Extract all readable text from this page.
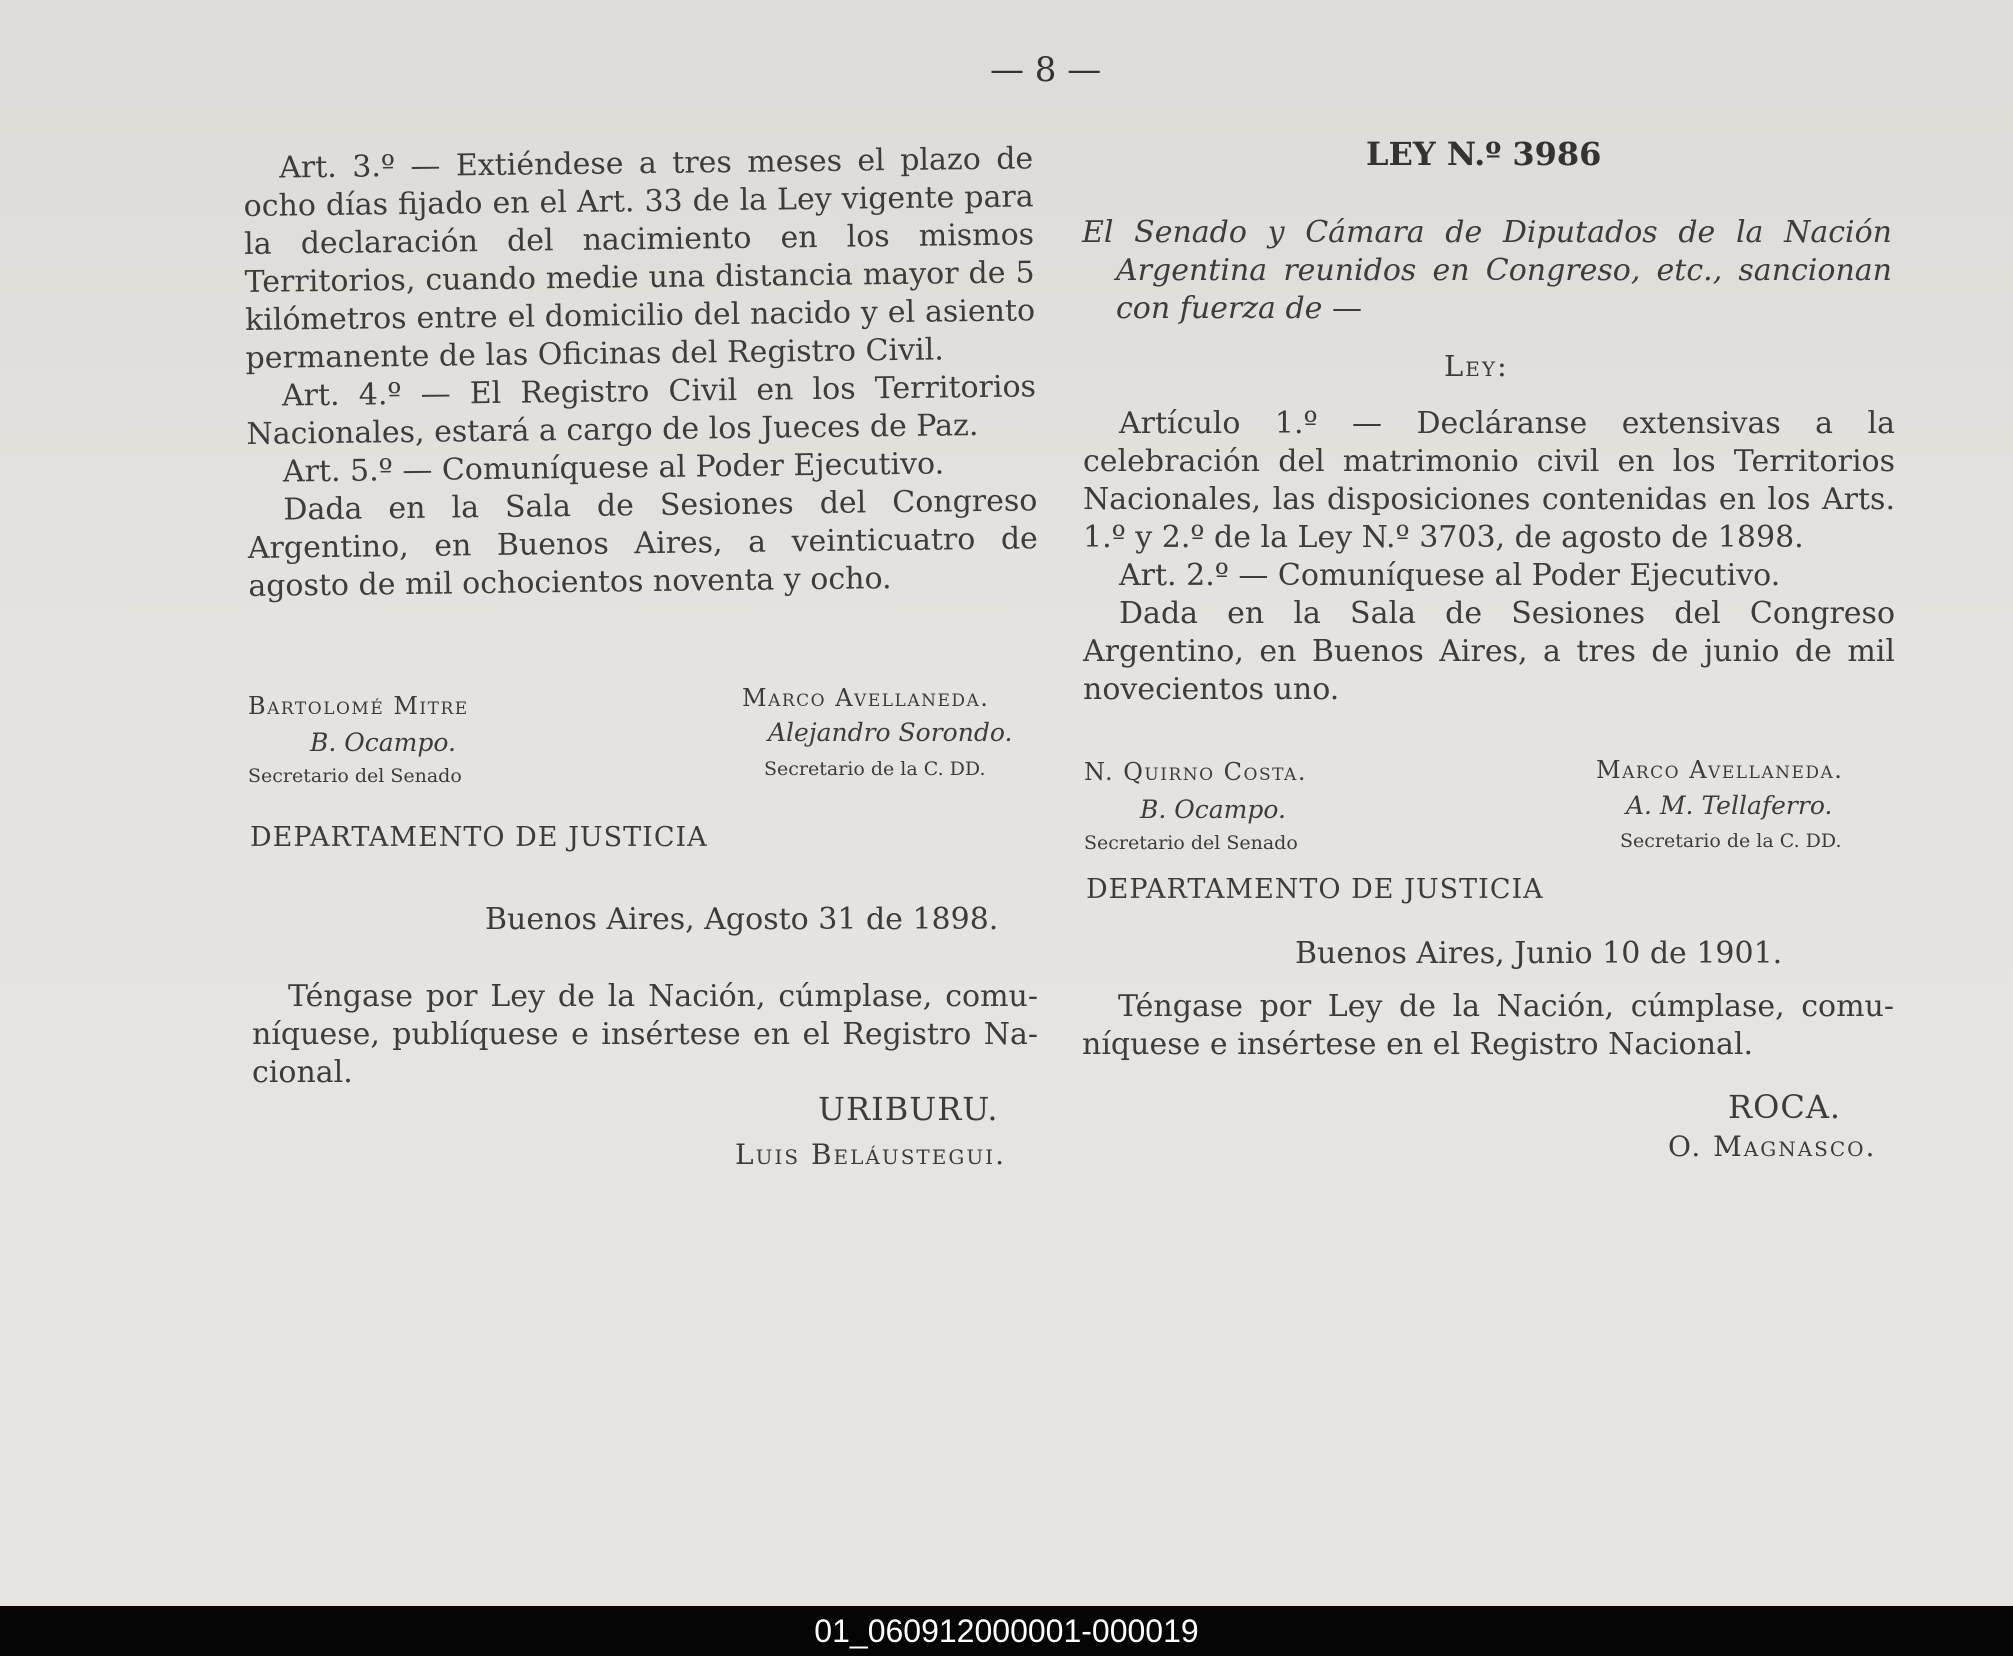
— 8 —

Art. 3.º — Extiéndese a tres meses el plazo de ocho días fijado en el Art. 33 de la Ley vigente para la declaración del nacimiento en los mismos Territorios, cuando medie una distancia mayor de 5 kilómetros entre el domicilio del nacido y el asiento permanente de las Oficinas del Registro Civil.

Art. 4.º — El Registro Civil en los Territorios Nacionales, estará a cargo de los Jueces de Paz.

Art. 5.º — Comuníquese al Poder Ejecutivo.

Dada en la Sala de Sesiones del Congreso Argentino, en Buenos Aires, a veinticuatro de agosto de mil ochocientos noventa y ocho.

Bartolomé Mitre
B. Ocampo.
Secretario del Senado
Marco Avellaneda.
Alejandro Sorondo.
Secretario de la C. DD.
DEPARTAMENTO DE JUSTICIA
Buenos Aires, Agosto 31 de 1898.
Téngase por Ley de la Nación, cúmplase, comu-
níquese, publíquese e insértese en el Registro Na-
cional.
URIBURU.
Luis Beláustegui.
LEY N.º 3986
El Senado y Cámara de Diputados de la Nación
Argentina reunidos en Congreso, etc., sancionan
con fuerza de —
Ley:

Artículo 1.º — Decláranse extensivas a la celebración del matrimonio civil en los Territorios Nacionales, las disposiciones contenidas en los Arts. 1.º y 2.º de la Ley N.º 3703, de agosto de 1898.

Art. 2.º — Comuníquese al Poder Ejecutivo.

Dada en la Sala de Sesiones del Congreso Argentino, en Buenos Aires, a tres de junio de mil novecientos uno.

N. Quirno Costa.
B. Ocampo.
Secretario del Senado
Marco Avellaneda.
A. M. Tellaferro.
Secretario de la C. DD.
DEPARTAMENTO DE JUSTICIA
Buenos Aires, Junio 10 de 1901.
Téngase por Ley de la Nación, cúmplase, comu-
níquese e insértese en el Registro Nacional.
ROCA.
O. Magnasco.
01_060912000001-000019
